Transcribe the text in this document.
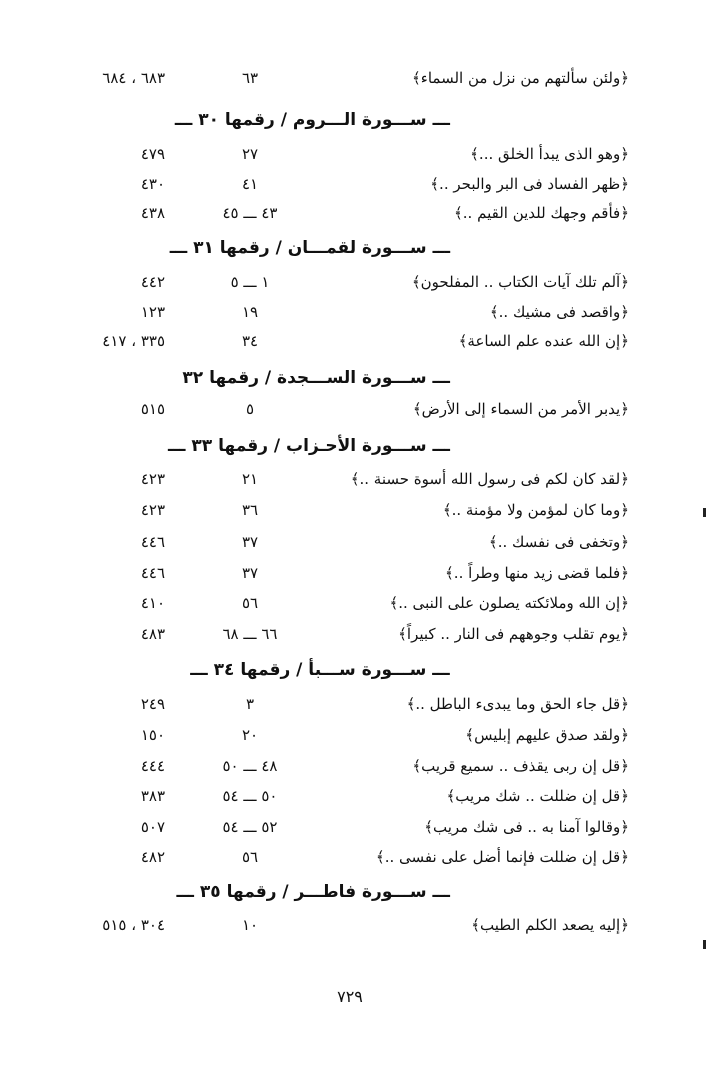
﴿ولئن سألتهم من نزل من السماء﴾
٦٣
٦٨٣ ، ٦٨٤
ـــ ســـورة الـــروم / رقمها ٣٠ ـــ
﴿وهو الذى يبدأ الخلق ...﴾
٢٧
٤٧٩
﴿ظهر الفساد فى البر والبحر ..﴾
٤١
٤٣٠
﴿فأقم وجهك للدين القيم ..﴾
٤٣ ـــ ٤٥
٤٣٨
ـــ ســـورة لقمـــان / رقمها ٣١ ـــ
﴿آلم تلك آيات الكتاب .. المفلحون﴾
١ ـــ ٥
٤٤٢
﴿واقصد فى مشيك ..﴾
١٩
١٢٣
﴿إن الله عنده علم الساعة﴾
٣٤
٣٣٥ ، ٤١٧
ـــ ســـورة الســـجدة / رقمها ٣٢
﴿يدبر الأمر من السماء إلى الأرض﴾
٥
٥١٥
ـــ ســـورة الأحـزاب / رقمها ٣٣ ـــ
﴿لقد كان لكم فى رسول الله أسوة حسنة ..﴾
٢١
٤٢٣
﴿وما كان لمؤمن ولا مؤمنة ..﴾
٣٦
٤٢٣
﴿وتخفى فى نفسك ..﴾
٣٧
٤٤٦
﴿فلما قضى زيد منها وطراً ..﴾
٣٧
٤٤٦
﴿إن الله وملائكته يصلون على النبى ..﴾
٥٦
٤١٠
﴿يوم تقلب وجوههم فى النار .. كبيراً﴾
٦٦ ـــ ٦٨
٤٨٣
ـــ ســـورة ســـبأ / رقمها ٣٤ ـــ
﴿قل جاء الحق وما يبدىء الباطل ..﴾
٣
٢٤٩
﴿ولقد صدق عليهم إبليس﴾
٢٠
١٥٠
﴿قل إن ربى يقذف .. سميع قريب﴾
٤٨ ـــ ٥٠
٤٤٤
﴿قل إن ضللت .. شك مريب﴾
٥٠ ـــ ٥٤
٣٨٣
﴿وقالوا آمنا به .. فى شك مريب﴾
٥٢ ـــ ٥٤
٥٠٧
﴿قل إن ضللت فإنما أضل على نفسى ..﴾
٥٦
٤٨٢
ـــ ســـورة فاطـــر / رقمها ٣٥ ـــ
﴿إليه يصعد الكلم الطيب﴾
١٠
٣٠٤ ، ٥١٥
٧٢٩
